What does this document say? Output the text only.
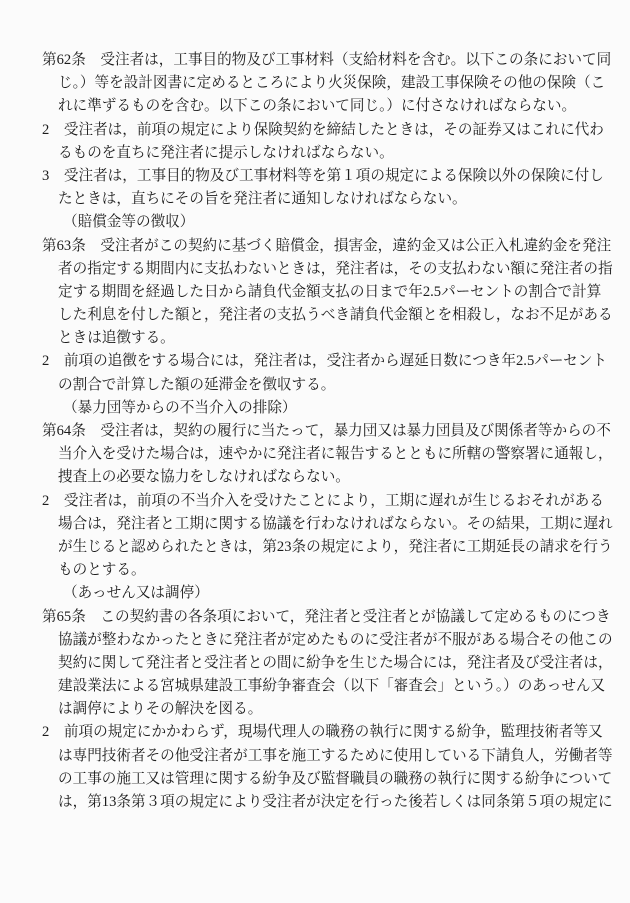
第62条　受注者は，工事目的物及び工事材料（支給材料を含む。以下この条において同
じ。）等を設計図書に定めるところにより火災保険，建設工事保険その他の保険（こ
れに準ずるものを含む。以下この条において同じ。）に付さなければならない。
2　受注者は，前項の規定により保険契約を締結したときは，その証券又はこれに代わ
るものを直ちに発注者に提示しなければならない。
3　受注者は，工事目的物及び工事材料等を第１項の規定による保険以外の保険に付し
たときは，直ちにその旨を発注者に通知しなければならない。
（賠償金等の徴収）
第63条　受注者がこの契約に基づく賠償金，損害金，違約金又は公正入札違約金を発注
者の指定する期間内に支払わないときは，発注者は，その支払わない額に発注者の指
定する期間を経過した日から請負代金額支払の日まで年2.5パーセントの割合で計算
した利息を付した額と，発注者の支払うべき請負代金額とを相殺し，なお不足がある
ときは追徴する。
2　前項の追徴をする場合には，発注者は，受注者から遅延日数につき年2.5パーセント
の割合で計算した額の延滞金を徴収する。
（暴力団等からの不当介入の排除）
第64条　受注者は，契約の履行に当たって，暴力団又は暴力団員及び関係者等からの不
当介入を受けた場合は，速やかに発注者に報告するとともに所轄の警察署に通報し，
捜査上の必要な協力をしなければならない。
2　受注者は，前項の不当介入を受けたことにより，工期に遅れが生じるおそれがある
場合は，発注者と工期に関する協議を行わなければならない。その結果，工期に遅れ
が生じると認められたときは，第23条の規定により，発注者に工期延長の請求を行う
ものとする。
（あっせん又は調停）
第65条　この契約書の各条項において，発注者と受注者とが協議して定めるものにつき
協議が整わなかったときに発注者が定めたものに受注者が不服がある場合その他この
契約に関して発注者と受注者との間に紛争を生じた場合には，発注者及び受注者は，
建設業法による宮城県建設工事紛争審査会（以下「審査会」という。）のあっせん又
は調停によりその解決を図る。
2　前項の規定にかかわらず，現場代理人の職務の執行に関する紛争，監理技術者等又
は専門技術者その他受注者が工事を施工するために使用している下請負人，労働者等
の工事の施工又は管理に関する紛争及び監督職員の職務の執行に関する紛争について
は，第13条第３項の規定により受注者が決定を行った後若しくは同条第５項の規定に
